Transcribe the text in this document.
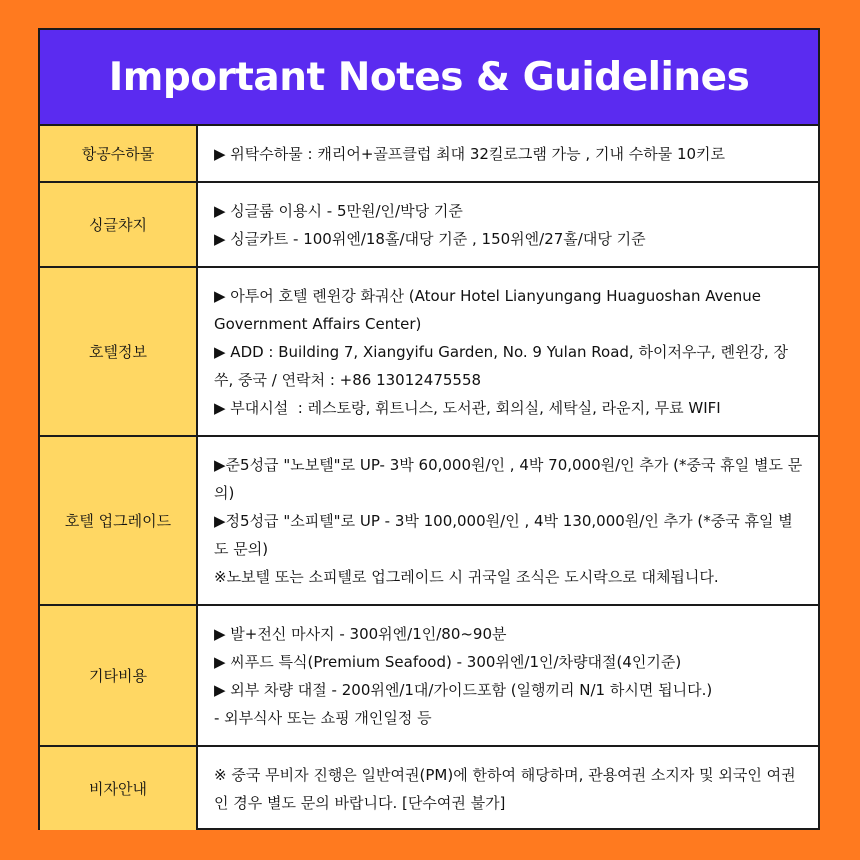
Important Notes & Guidelines
항공수하물	▶ 위탁수하물 : 캐리어+골프클럽 최대 32킬로그램 가능 , 기내 수하물 10키로

싱글챠지	▶ 싱글룸 이용시 - 5만원/인/박당 기준
▶ 싱글카트 - 100위엔/18홀/대당 기준 , 150위엔/27홀/대당 기준

호텔정보	▶ 아투어 호텔 롄윈강 화궈산 (Atour Hotel Lianyungang Huaguoshan Avenue Government Affairs Center)
▶ ADD : Building 7, Xiangyifu Garden, No. 9 Yulan Road, 하이저우구, 롄윈강, 장쑤, 중국 / 연락처 : +86 13012475558
▶ 부대시설  : 레스토랑, 휘트니스, 도서관, 회의실, 세탁실, 라운지, 무료 WIFI

호텔 업그레이드	▶준5성급 "노보텔"로 UP- 3박 60,000원/인 , 4박 70,000원/인 추가 (*중국 휴일 별도 문의)
▶정5성급 "소피텔"로 UP - 3박 100,000원/인 , 4박 130,000원/인 추가 (*중국 휴일 별도 문의)
※노보텔 또는 소피텔로 업그레이드 시 귀국일 조식은 도시락으로 대체됩니다.

기타비용	▶ 발+전신 마사지 - 300위엔/1인/80~90분
▶ 씨푸드 특식(Premium Seafood) - 300위엔/1인/차량대절(4인기준)
▶ 외부 차량 대절 - 200위엔/1대/가이드포함 (일행끼리 N/1 하시면 됩니다.)
- 외부식사 또는 쇼핑 개인일정 등

비자안내	※ 중국 무비자 진행은 일반여권(PM)에 한하여 해당하며, 관용여권 소지자 및 외국인 여권인 경우 별도 문의 바랍니다. [단수여권 불가]
